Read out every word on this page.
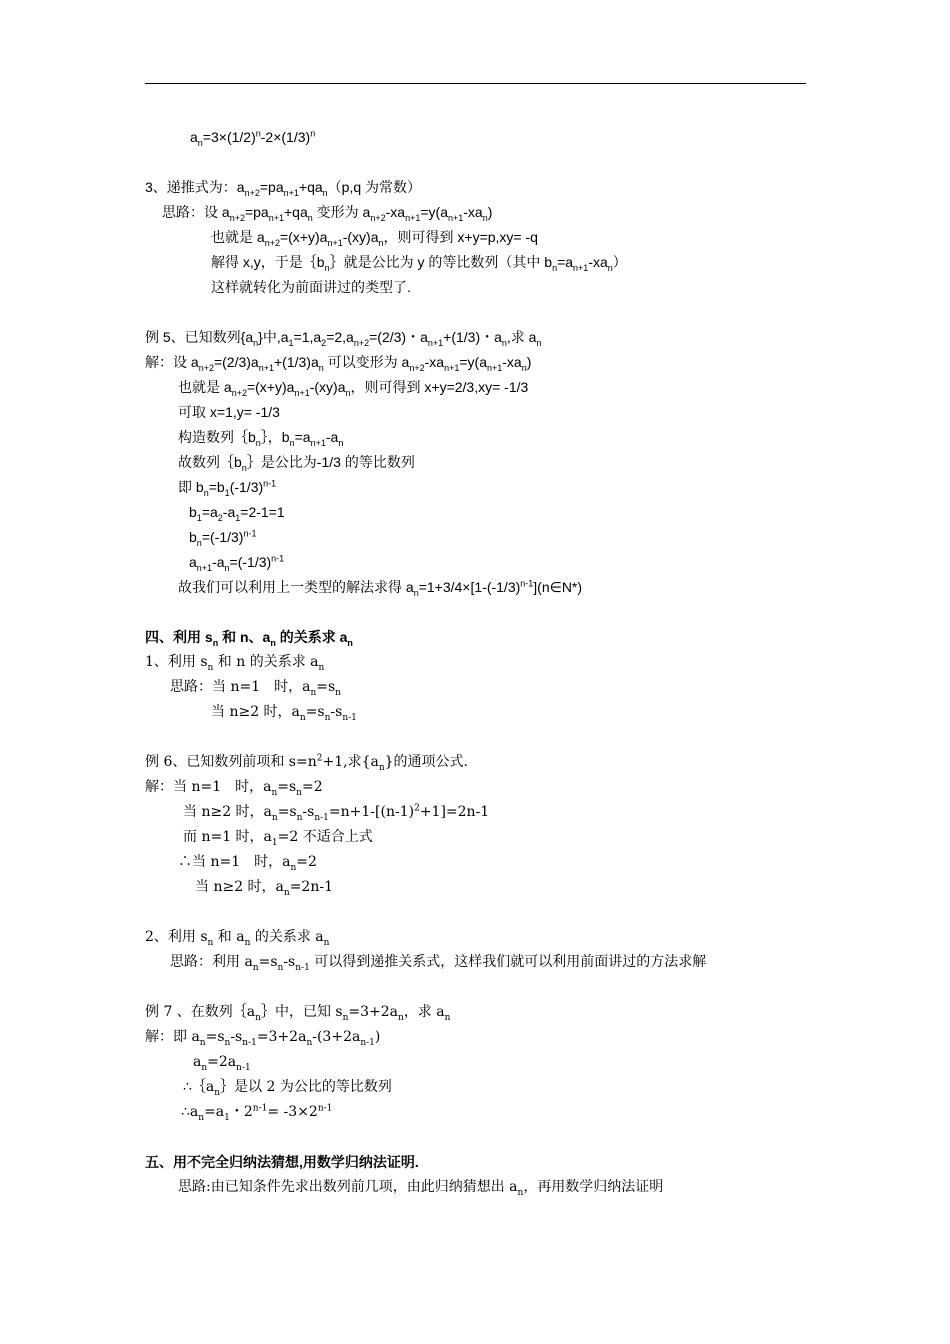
$a_n=3\times(1/2)^n-2\times(1/3)^n$
3、递推式为：$a_{n+2}=pa_{n+1}+qa_n(p,q$ 为常数）
思路：设 $a_{n+2}=pa_{n+1}+qa_n$ 变形为 $a_{n+2}-xa_{n+1}=y(a_{n+1}-xa_n)$
也就是 $a_{n+2}=(x+y)a_{n+1}-(xy)a_n$，则可得到 x+y=p,xy= -q
解得 x,y，于是$\{b_n\}$就是公比为 y 的等比数列（其中 $b_n=a_{n+1}-xa_n$）
这样就转化为前面讲过的类型了.
例 5、已知数列$\{a_n\}$中$,a_1=1,a_2=2,a_{n+2}=(2/3)$・$a_{n+1}+(1/3)$・$a_n$,求 $a_n$
解：设 $a_{n+2}=(2/3)a_{n+1}+(1/3)a_n$ 可以变形为 $a_{n+2}-xa_{n+1}=y(a_{n+1}-xa_n)$
也就是 $a_{n+2}=(x+y)a_{n+1}-(xy)a_n$，则可得到 x+y=2/3,xy= -1/3
可取 x=1,y= -1/3
构造数列$\{b_n\}$，$b_n=a_{n+1}-a_n$
故数列$\{b_n\}$是公比为-1/3 的等比数列
即 $b_n=b_1(-1/3)^{n-1}$
$b_1=a_2-a_1=2-1=1$
$b_n=(-1/3)^{n-1}$
$a_{n+1}-a_n=(-1/3)^{n-1}$
故我们可以利用上一类型的解法求得 $a_n=1+3/4\times[1-(-1/3)^{n-1}](n\in N*)$
四、利用 $s_n$ 和 n、$a_n$ 的关系求 $a_n$
1、利用 $s_n$ 和 n 的关系求 $a_n$
思路：当 n=1　时，$a_n=s_n$
当 n≥2 时，$a_n=s_n-s_{n-1}$
例 6、已知数列前项和 $s=n^2+1$,求$\{a_n\}$的通项公式.
解：当 n=1　时，$a_n=s_n=2$
当 n≥2 时，$a_n=s_n-s_{n-1}=n+1-[(n-1)^2+1]=2n-1$
而 n=1 时，$a_1=2$ 不适合上式
∴当 n=1　时，$a_n=2$
当 n≥2 时，$a_n=2n-1$
2、利用 $s_n$ 和 $a_n$ 的关系求 $a_n$
思路：利用 $a_n=s_n-s_{n-1}$ 可以得到递推关系式，这样我们就可以利用前面讲过的方法求解
例 7 、在数列$\{a_n\}$中，已知 $s_n=3+2a_n$，求 $a_n$
解：即 $a_n=s_n-s_{n-1}=3+2a_n-(3+2a_{n-1})$
$a_n=2a_{n-1}$
$\therefore\{a_n\}$是以 2 为公比的等比数列
$\therefore a_n=a_1$・$2^{n-1}= -3\times 2^{n-1}$
五、用不完全归纳法猜想,用数学归纳法证明.
思路:由已知条件先求出数列前几项，由此归纳猜想出 $a_n$，再用数学归纳法证明
